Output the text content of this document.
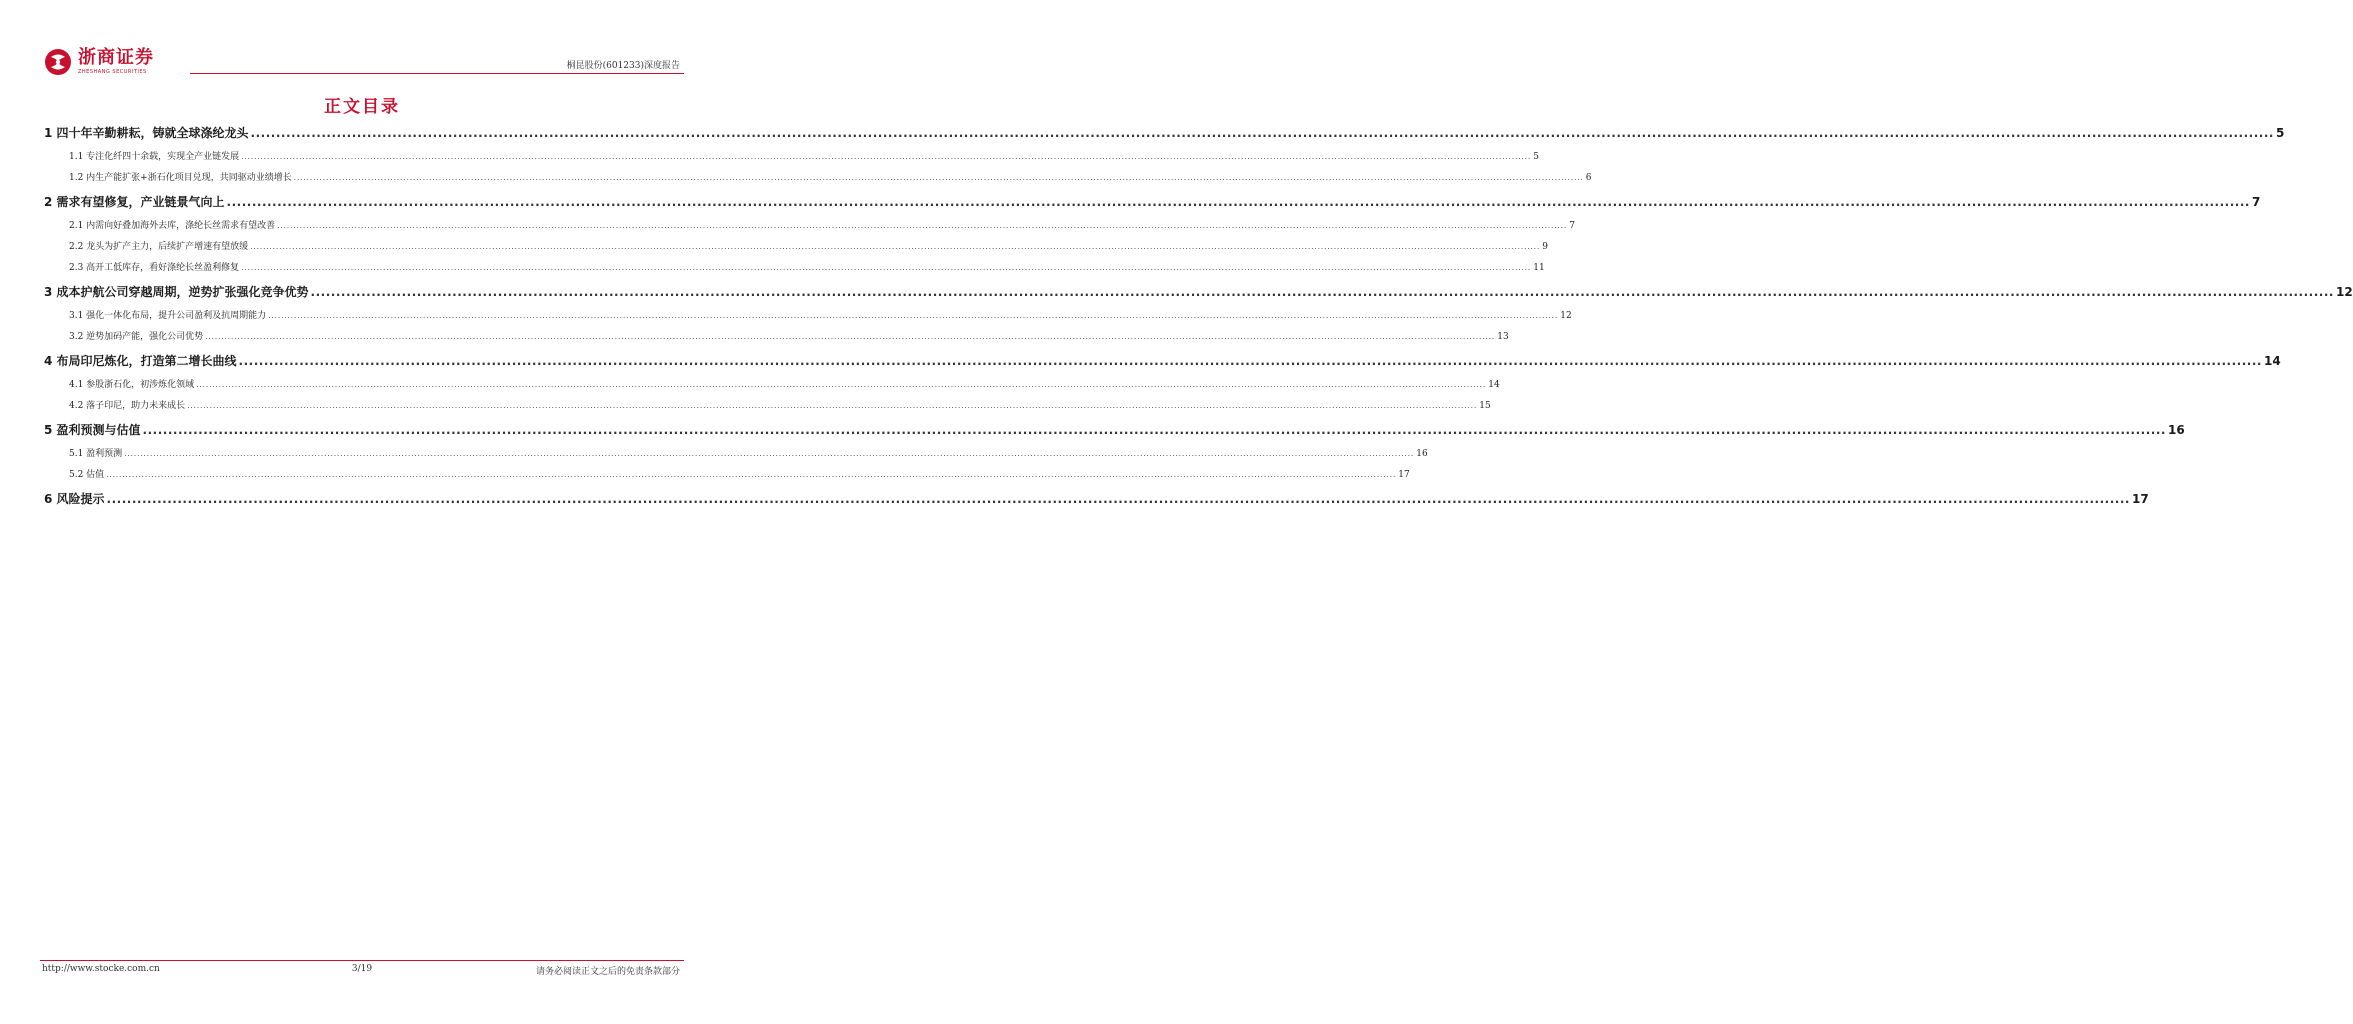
浙商证券
ZHESHANG SECURITIES
桐昆股份(601233)深度报告
正文目录
1 四十年辛勤耕耘，铸就全球涤纶龙头 ................................................................................................................................................................................................................................................................................................................................................................................................................ 5
1.1 专注化纤四十余载，实现全产业链发展 ................................................................................................................................................................................................................................................................................................................................................................................................................ 5
1.2 内生产能扩张+浙石化项目兑现，共同驱动业绩增长 ................................................................................................................................................................................................................................................................................................................................................................................................................ 6
2 需求有望修复，产业链景气向上 ................................................................................................................................................................................................................................................................................................................................................................................................................ 7
2.1 内需向好叠加海外去库，涤纶长丝需求有望改善 ................................................................................................................................................................................................................................................................................................................................................................................................................ 7
2.2 龙头为扩产主力，后续扩产增速有望放缓 ................................................................................................................................................................................................................................................................................................................................................................................................................ 9
2.3 高开工低库存，看好涤纶长丝盈利修复 ................................................................................................................................................................................................................................................................................................................................................................................................................ 11
3 成本护航公司穿越周期，逆势扩张强化竞争优势 ................................................................................................................................................................................................................................................................................................................................................................................................................ 12
3.1 强化一体化布局，提升公司盈利及抗周期能力 ................................................................................................................................................................................................................................................................................................................................................................................................................ 12
3.2 逆势加码产能，强化公司优势 ................................................................................................................................................................................................................................................................................................................................................................................................................ 13
4 布局印尼炼化，打造第二增长曲线 ................................................................................................................................................................................................................................................................................................................................................................................................................ 14
4.1 参股浙石化，初涉炼化领域 ................................................................................................................................................................................................................................................................................................................................................................................................................ 14
4.2 落子印尼，助力未来成长 ................................................................................................................................................................................................................................................................................................................................................................................................................ 15
5 盈利预测与估值 ................................................................................................................................................................................................................................................................................................................................................................................................................ 16
5.1 盈利预测 ................................................................................................................................................................................................................................................................................................................................................................................................................ 16
5.2 估值 ................................................................................................................................................................................................................................................................................................................................................................................................................ 17
6 风险提示 ................................................................................................................................................................................................................................................................................................................................................................................................................ 17
http://www.stocke.com.cn	3/19	请务必阅读正文之后的免责条款部分
